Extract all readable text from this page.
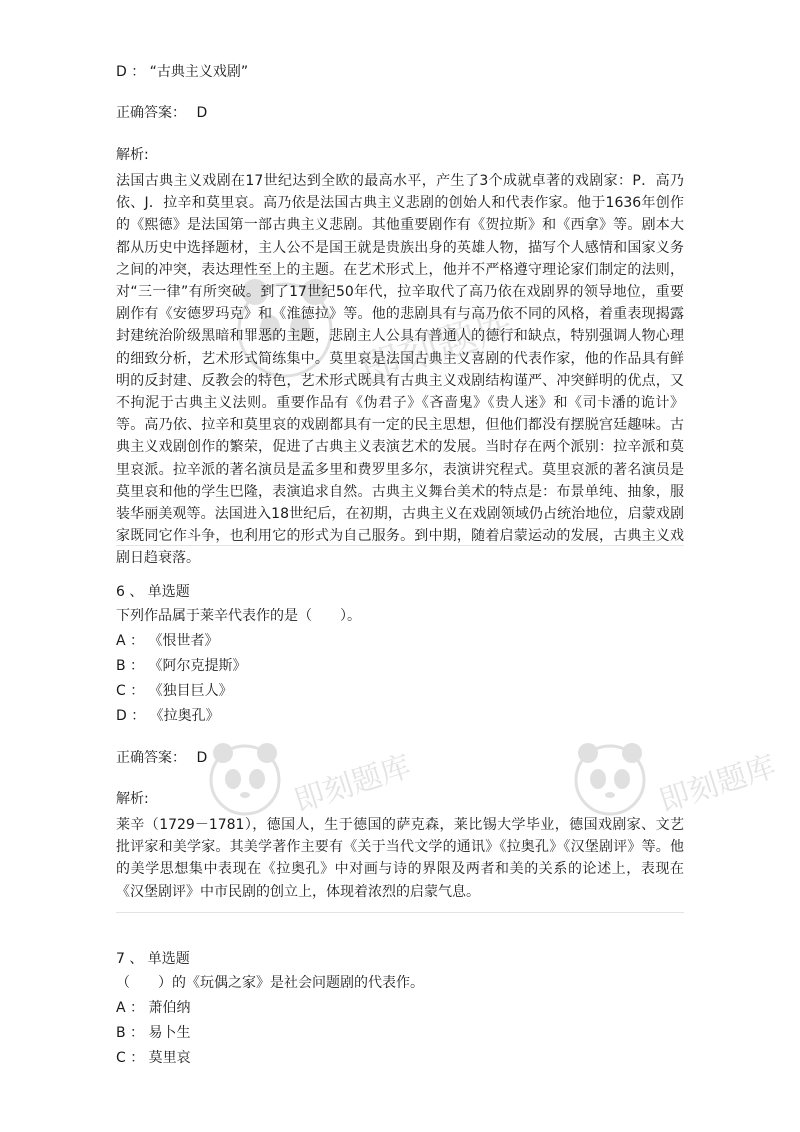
D ： “古典主义戏剧”
正确答案： D
解析:

法国古典主义戏剧在17世纪达到全欧的最高水平，产生了3个成就卓著的戏剧家：P．高乃依、J．拉辛和莫里哀。高乃依是法国古典主义悲剧的创始人和代表作家。他于1636年创作的《熙德》是法国第一部古典主义悲剧。其他重要剧作有《贺拉斯》和《西拿》等。剧本大都从历史中选择题材，主人公不是国王就是贵族出身的英雄人物，描写个人感情和国家义务之间的冲突，表达理性至上的主题。在艺术形式上，他并不严格遵守理论家们制定的法则，对“三一律”有所突破。到了17世纪50年代，拉辛取代了高乃依在戏剧界的领导地位，重要剧作有《安德罗玛克》和《淮德拉》等。他的悲剧具有与高乃依不同的风格，着重表现揭露封建统治阶级黑暗和罪恶的主题，悲剧主人公具有普通人的德行和缺点，特别强调人物心理的细致分析，艺术形式简练集中。莫里哀是法国古典主义喜剧的代表作家，他的作品具有鲜明的反封建、反教会的特色，艺术形式既具有古典主义戏剧结构谨严、冲突鲜明的优点，又不拘泥于古典主义法则。重要作品有《伪君子》《吝啬鬼》《贵人迷》和《司卡潘的诡计》等。高乃依、拉辛和莫里哀的戏剧都具有一定的民主思想，但他们都没有摆脱宫廷趣味。古典主义戏剧创作的繁荣，促进了古典主义表演艺术的发展。当时存在两个派别：拉辛派和莫里哀派。拉辛派的著名演员是孟多里和费罗里多尔，表演讲究程式。莫里哀派的著名演员是莫里哀和他的学生巴隆，表演追求自然。古典主义舞台美术的特点是：布景单纯、抽象，服装华丽美观等。法国进入18世纪后，在初期，古典主义在戏剧领域仍占统治地位，启蒙戏剧家既同它作斗争，也利用它的形式为自己服务。到中期，随着启蒙运动的发展，古典主义戏剧日趋衰落。

6 、 单选题
下列作品属于莱辛代表作的是（　　）。
A ： 《恨世者》
B ： 《阿尔克提斯》
C ： 《独目巨人》
D ： 《拉奥孔》
正确答案： D
解析:

莱辛（1729－1781），德国人，生于德国的萨克森，莱比锡大学毕业，德国戏剧家、文艺批评家和美学家。其美学著作主要有《关于当代文学的通讯》《拉奥孔》《汉堡剧评》等。他的美学思想集中表现在《拉奥孔》中对画与诗的界限及两者和美的关系的论述上，表现在《汉堡剧评》中市民剧的创立上，体现着浓烈的启蒙气息。

7 、 单选题
（　　）的《玩偶之家》是社会问题剧的代表作。
A ： 萧伯纳
B ： 易卜生
C ： 莫里哀
即刻题库	即刻题库
即刻题库
